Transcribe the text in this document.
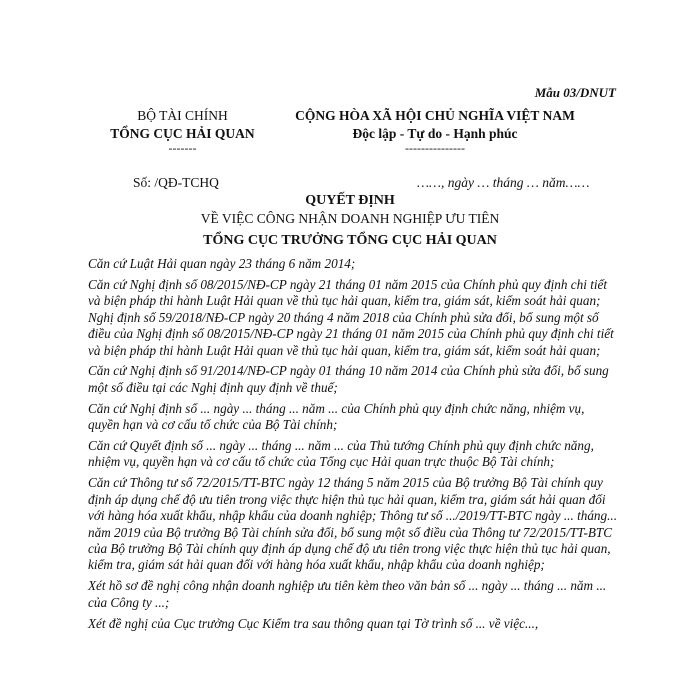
Mẫu 03/DNUT
BỘ TÀI CHÍNH
TỔNG CỤC HẢI QUAN
-------
CỘNG HÒA XÃ HỘI CHỦ NGHĨA VIỆT NAM
Độc lập - Tự do - Hạnh phúc
---------------
Số: /QĐ-TCHQ	……, ngày … tháng … năm……
QUYẾT ĐỊNH
VỀ VIỆC CÔNG NHẬN DOANH NGHIỆP ƯU TIÊN
TỔNG CỤC TRƯỞNG TỔNG CỤC HẢI QUAN

Căn cứ Luật Hải quan ngày 23 tháng 6 năm 2014;

Căn cứ Nghị định số 08/2015/NĐ-CP ngày 21 tháng 01 năm 2015 của Chính phủ quy định chi tiết và biện pháp thi hành Luật Hải quan về thủ tục hải quan, kiểm tra, giám sát, kiểm soát hải quan; Nghị định số 59/2018/NĐ-CP ngày 20 tháng 4 năm 2018 của Chính phủ sửa đổi, bổ sung một số điều của Nghị định số 08/2015/NĐ-CP ngày 21 tháng 01 năm 2015 của Chính phủ quy định chi tiết và biện pháp thi hành Luật Hải quan về thủ tục hải quan, kiểm tra, giám sát, kiểm soát hải quan;

Căn cứ Nghị định số 91/2014/NĐ-CP ngày 01 tháng 10 năm 2014 của Chính phủ sửa đổi, bổ sung một số điều tại các Nghị định quy định về thuế;

Căn cứ Nghị định số ... ngày ... tháng ... năm ... của Chính phủ quy định chức năng, nhiệm vụ, quyền hạn và cơ cấu tổ chức của Bộ Tài chính;

Căn cứ Quyết định số ... ngày ... tháng ... năm ... của Thủ tướng Chính phủ quy định chức năng, nhiệm vụ, quyền hạn và cơ cấu tổ chức của Tổng cục Hải quan trực thuộc Bộ Tài chính;

Căn cứ Thông tư số 72/2015/TT-BTC ngày 12 tháng 5 năm 2015 của Bộ trưởng Bộ Tài chính quy định áp dụng chế độ ưu tiên trong việc thực hiện thủ tục hải quan, kiểm tra, giám sát hải quan đối với hàng hóa xuất khẩu, nhập khẩu của doanh nghiệp; Thông tư số .../2019/TT-BTC ngày ... tháng... năm 2019 của Bộ trưởng Bộ Tài chính sửa đổi, bổ sung một số điều của Thông tư 72/2015/TT-BTC của Bộ trưởng Bộ Tài chính quy định áp dụng chế độ ưu tiên trong việc thực hiện thủ tục hải quan, kiểm tra, giám sát hải quan đối với hàng hóa xuất khẩu, nhập khẩu của doanh nghiệp;

Xét hồ sơ đề nghị công nhận doanh nghiệp ưu tiên kèm theo văn bản số ... ngày ... tháng ... năm ... của Công ty ...;

Xét đề nghị của Cục trưởng Cục Kiểm tra sau thông quan tại Tờ trình số ... về việc...,
